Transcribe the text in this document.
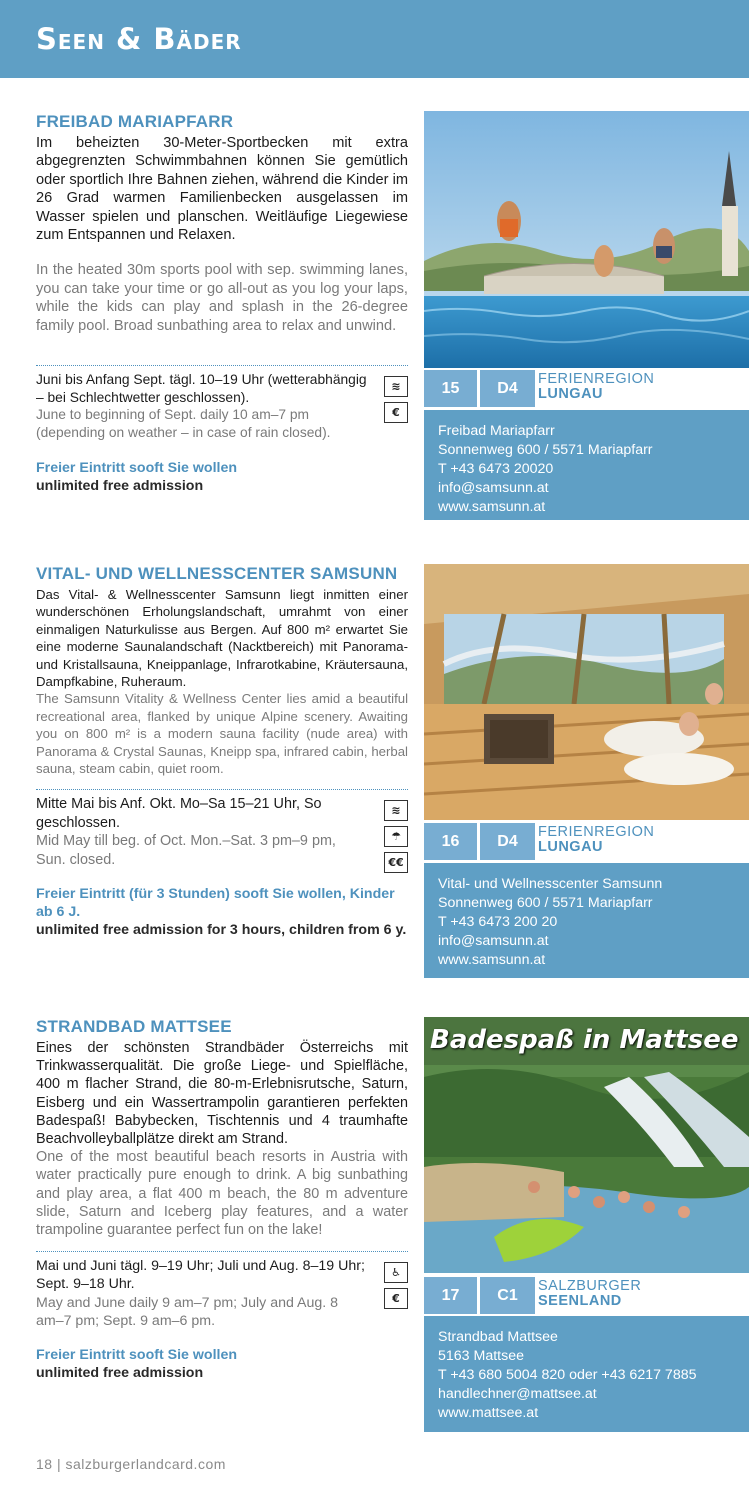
Seen & Bäder
FREIBAD MARIAPFARR

Im beheizten 30-Meter-Sportbecken mit extra abgegrenzten Schwimmbahnen können Sie gemütlich oder sportlich Ihre Bahnen ziehen, während die Kinder im 26 Grad warmen Familienbecken ausgelassen im Wasser spielen und planschen. Weitläufige Liegewiese zum Entspannen und Relaxen.

In the heated 30m sports pool with sep. swimming lanes, you can take your time or go all-out as you log your laps, while the kids can play and splash in the 26-degree family pool. Broad sunbathing area to relax and unwind.

Juni bis Anfang Sept. tägl. 10–19 Uhr (wetterabhängig – bei Schlechtwetter geschlossen).
June to beginning of Sept. daily 10 am–7 pm (depending on weather – in case of rain closed).
≋
€
Freier Eintritt sooft Sie wollen
unlimited free admission
15	D4
FERIENREGION
LUNGAU
Freibad Mariapfarr
Sonnenweg 600 / 5571 Mariapfarr
T +43 6473 20020
info@samsunn.at
www.samsunn.at
VITAL- UND WELLNESSCENTER SAMSUNN

Das Vital- & Wellnesscenter Samsunn liegt inmitten einer wunderschönen Erholungslandschaft, umrahmt von einer einmaligen Naturkulisse aus Bergen. Auf 800 m² erwartet Sie eine moderne Saunalandschaft (Nacktbereich) mit Panorama- und Kristallsauna, Kneippanlage, Infrarotkabine, Kräutersauna, Dampfkabine, Ruheraum.

The Samsunn Vitality & Wellness Center lies amid a beautiful recreational area, flanked by unique Alpine scenery. Awaiting you on 800 m² is a modern sauna facility (nude area) with Panorama & Crystal Saunas, Kneipp spa, infrared cabin, herbal sauna, steam cabin, quiet room.

Mitte Mai bis Anf. Okt. Mo–Sa 15–21 Uhr, So geschlossen.
Mid May till beg. of Oct. Mon.–Sat. 3 pm–9 pm, Sun. closed.
≋
☂
€€
Freier Eintritt (für 3 Stunden) sooft Sie wollen, Kinder ab 6 J.
unlimited free admission for 3 hours, children from 6 y.
16	D4
FERIENREGION
LUNGAU
Vital- und Wellnesscenter Samsunn
Sonnenweg 600 / 5571 Mariapfarr
T +43 6473 200 20
info@samsunn.at
www.samsunn.at
STRANDBAD MATTSEE

Eines der schönsten Strandbäder Österreichs mit Trinkwasserqualität. Die große Liege- und Spielfläche, 400 m flacher Strand, die 80-m-Erlebnisrutsche, Saturn, Eisberg und ein Wassertrampolin garantieren perfekten Badespaß! Babybecken, Tischtennis und 4 traumhafte Beachvolleyballplätze direkt am Strand.

One of the most beautiful beach resorts in Austria with water practically pure enough to drink. A big sunbathing and play area, a flat 400 m beach, the 80 m adventure slide, Saturn and Iceberg play features, and a water trampoline guarantee perfect fun on the lake!

Mai und Juni tägl. 9–19 Uhr; Juli und Aug. 8–19 Uhr; Sept. 9–18 Uhr.
May and June daily 9 am–7 pm; July and Aug. 8 am–7 pm; Sept. 9 am–6 pm.
♿
€
Freier Eintritt sooft Sie wollen
unlimited free admission
Badespaß in Mattsee
17	C1
SALZBURGER
SEENLAND
Strandbad Mattsee
5163 Mattsee
T +43 680 5004 820 oder +43 6217 7885
handlechner@mattsee.at
www.mattsee.at
18 | salzburgerlandcard.com
